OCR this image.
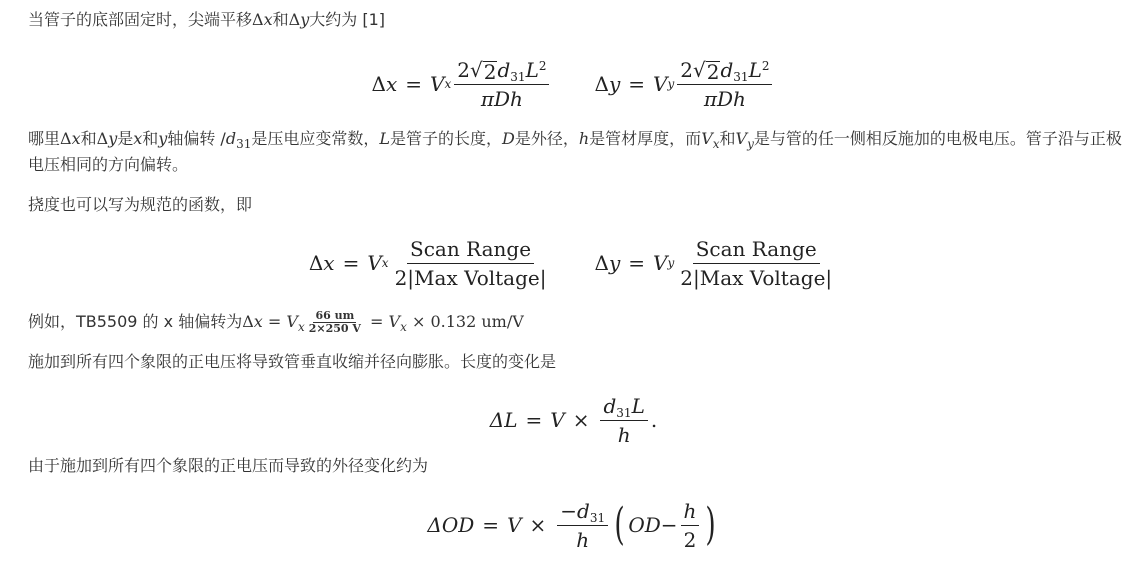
当管子的底部固定时，尖端平移Δx和Δy大约为 [1]

Δ x = V x $\frac{2 √ 2 d_{31}L^2}{\text{πDh}}$ Δ y = V y $\frac{2 √ 2 d_{31}L^2}{\text{πDh}}$

哪里Δx和Δy是x和y轴偏转 $/d_{31}$是压电应变常数，L是管子的长度，D是外径，h是管材厚度，而$V_x$和$V_y$是与管的任一侧相反施加的电极电压。管子沿与正极电压相同的方向偏转。

挠度也可以写为规范的函数，即

Δ x = V x $\frac{\text{Scan Range}}{\text{2|Max Voltage|}}$ Δ y = V y $\frac{\text{Scan Range}}{\text{2|Max Voltage|}}$

例如，TB5509 的 x 轴偏转为$\Delta x = V_x \frac{66 um}{2\times 250 V} = V_x \times 0.132$ um/V

施加到所有四个象限的正电压将导致管垂直收缩并径向膨胀。长度的变化是

$\Delta L = V \times \frac{d_{31}L}{h}$ .

由于施加到所有四个象限的正电压而导致的外径变化约为

$\Delta OD = V \times \frac{-d_{31}}{h}$ ( OD − $\frac{h}{2}$ )
